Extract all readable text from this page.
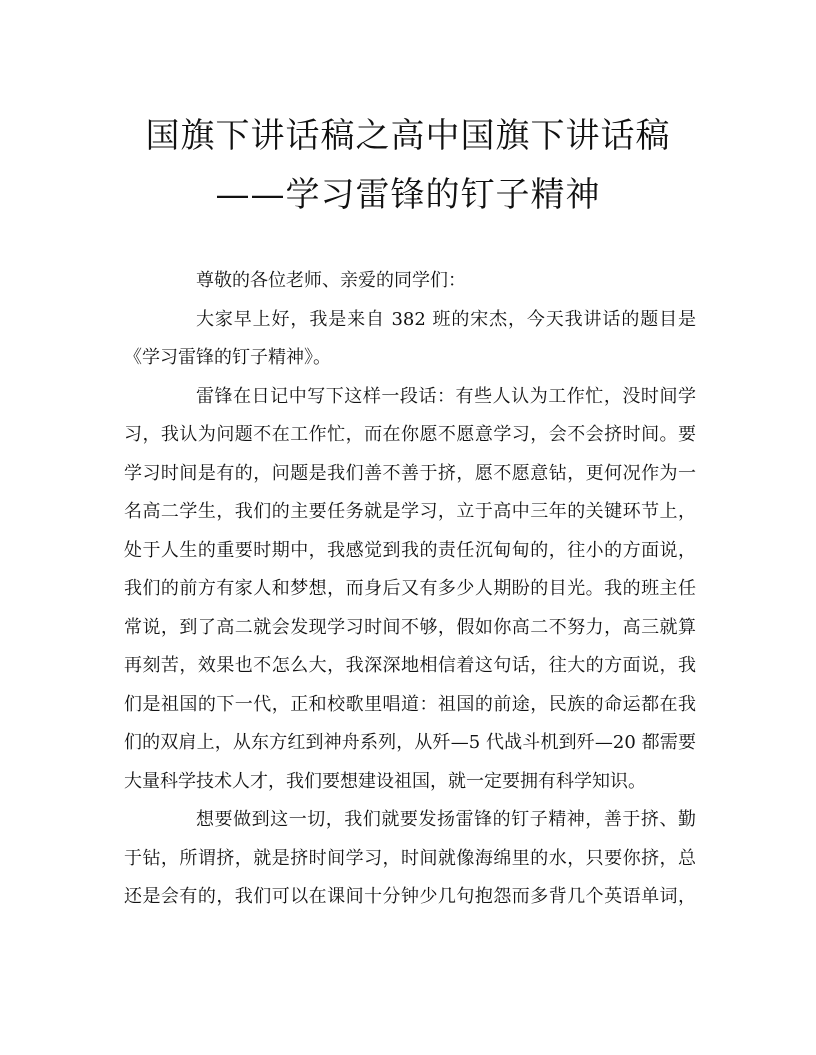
国旗下讲话稿之高中国旗下讲话稿
——学习雷锋的钉子精神
尊敬的各位老师、亲爱的同学们：
大家早上好，我是来自 382 班的宋杰，今天我讲话的题目是
《学习雷锋的钉子精神》。
雷锋在日记中写下这样一段话：有些人认为工作忙，没时间学
习，我认为问题不在工作忙，而在你愿不愿意学习，会不会挤时间。要
学习时间是有的，问题是我们善不善于挤，愿不愿意钻，更何况作为一
名高二学生，我们的主要任务就是学习，立于高中三年的关键环节上，
处于人生的重要时期中，我感觉到我的责任沉甸甸的，往小的方面说，
我们的前方有家人和梦想，而身后又有多少人期盼的目光。我的班主任
常说，到了高二就会发现学习时间不够，假如你高二不努力，高三就算
再刻苦，效果也不怎么大，我深深地相信着这句话，往大的方面说，我
们是祖国的下一代，正和校歌里唱道：祖国的前途，民族的命运都在我
们的双肩上，从东方红到神舟系列，从歼—5 代战斗机到歼—20 都需要
大量科学技术人才，我们要想建设祖国，就一定要拥有科学知识。
想要做到这一切，我们就要发扬雷锋的钉子精神，善于挤、勤
于钻，所谓挤，就是挤时间学习，时间就像海绵里的水，只要你挤，总
还是会有的，我们可以在课间十分钟少几句抱怨而多背几个英语单词，
